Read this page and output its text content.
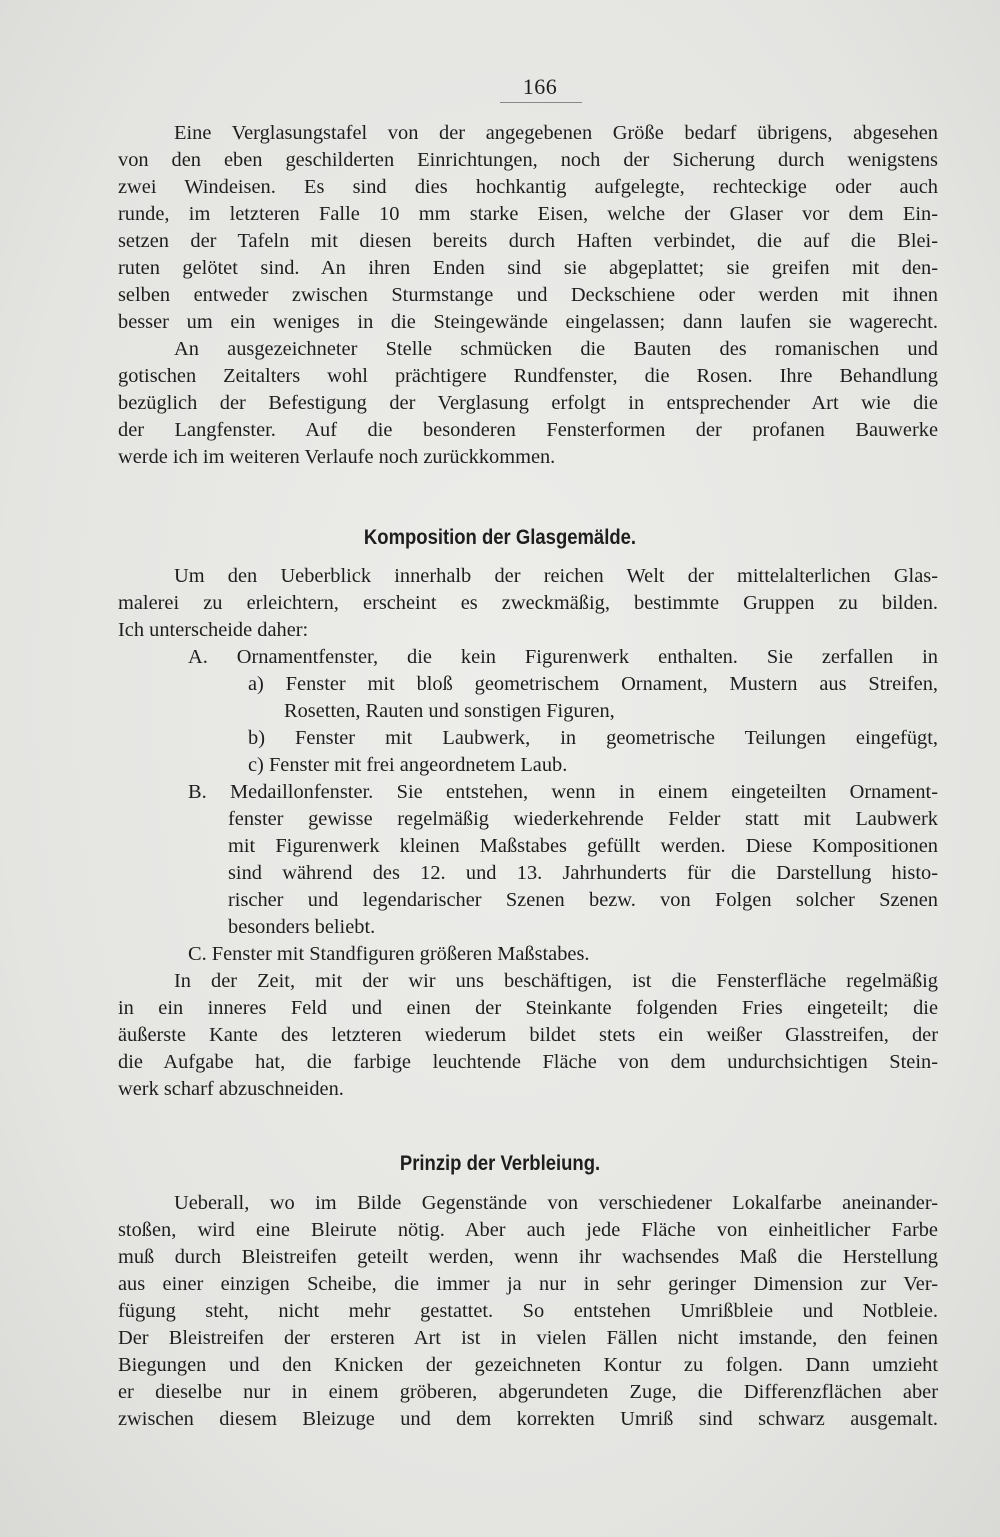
166
Eine Verglasungstafel von der angegebenen Größe bedarf übrigens, abgesehen
von den eben geschilderten Einrichtungen, noch der Sicherung durch wenigstens
zwei Windeisen. Es sind dies hochkantig aufgelegte, rechteckige oder auch
runde, im letzteren Falle 10 mm starke Eisen, welche der Glaser vor dem Ein-
setzen der Tafeln mit diesen bereits durch Haften verbindet, die auf die Blei-
ruten gelötet sind. An ihren Enden sind sie abgeplattet; sie greifen mit den-
selben entweder zwischen Sturmstange und Deckschiene oder werden mit ihnen
besser um ein weniges in die Steingewände eingelassen; dann laufen sie wagerecht.
An ausgezeichneter Stelle schmücken die Bauten des romanischen und
gotischen Zeitalters wohl prächtigere Rundfenster, die Rosen. Ihre Behandlung
bezüglich der Befestigung der Verglasung erfolgt in entsprechender Art wie die
der Langfenster. Auf die besonderen Fensterformen der profanen Bauwerke
werde ich im weiteren Verlaufe noch zurückkommen.
Komposition der Glasgemälde.
Um den Ueberblick innerhalb der reichen Welt der mittelalterlichen Glas-
malerei zu erleichtern, erscheint es zweckmäßig, bestimmte Gruppen zu bilden.
Ich unterscheide daher:
A. Ornamentfenster, die kein Figurenwerk enthalten. Sie zerfallen in
a) Fenster mit bloß geometrischem Ornament, Mustern aus Streifen,
Rosetten, Rauten und sonstigen Figuren,
b) Fenster mit Laubwerk, in geometrische Teilungen eingefügt,
c) Fenster mit frei angeordnetem Laub.
B. Medaillonfenster. Sie entstehen, wenn in einem eingeteilten Ornament-
fenster gewisse regelmäßig wiederkehrende Felder statt mit Laubwerk
mit Figurenwerk kleinen Maßstabes gefüllt werden. Diese Kompositionen
sind während des 12. und 13. Jahrhunderts für die Darstellung histo-
rischer und legendarischer Szenen bezw. von Folgen solcher Szenen
besonders beliebt.
C. Fenster mit Standfiguren größeren Maßstabes.
In der Zeit, mit der wir uns beschäftigen, ist die Fensterfläche regelmäßig
in ein inneres Feld und einen der Steinkante folgenden Fries eingeteilt; die
äußerste Kante des letzteren wiederum bildet stets ein weißer Glasstreifen, der
die Aufgabe hat, die farbige leuchtende Fläche von dem undurchsichtigen Stein-
werk scharf abzuschneiden.
Prinzip der Verbleiung.
Ueberall, wo im Bilde Gegenstände von verschiedener Lokalfarbe aneinander-
stoßen, wird eine Bleirute nötig. Aber auch jede Fläche von einheitlicher Farbe
muß durch Bleistreifen geteilt werden, wenn ihr wachsendes Maß die Herstellung
aus einer einzigen Scheibe, die immer ja nur in sehr geringer Dimension zur Ver-
fügung steht, nicht mehr gestattet. So entstehen Umrißbleie und Notbleie.
Der Bleistreifen der ersteren Art ist in vielen Fällen nicht imstande, den feinen
Biegungen und den Knicken der gezeichneten Kontur zu folgen. Dann umzieht
er dieselbe nur in einem gröberen, abgerundeten Zuge, die Differenzflächen aber
zwischen diesem Bleizuge und dem korrekten Umriß sind schwarz ausgemalt.
